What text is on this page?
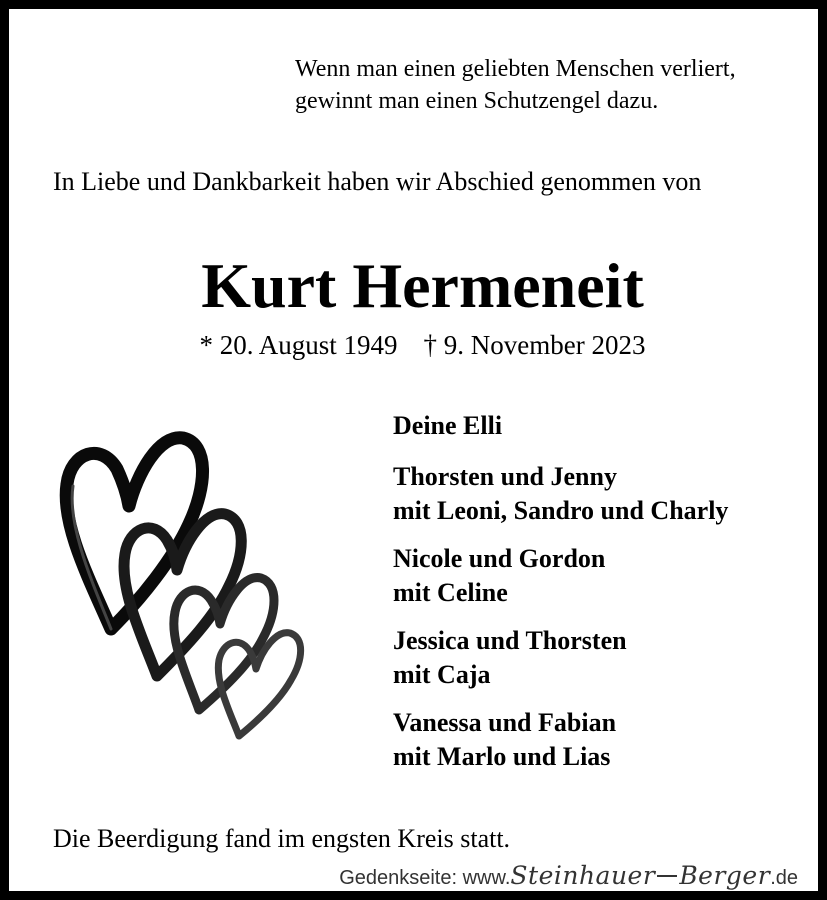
Wenn man einen geliebten Menschen verliert,
gewinnt man einen Schutzengel dazu.
In Liebe und Dankbarkeit haben wir Abschied genommen von
Kurt Hermeneit
* 20. August 1949 † 9. November 2023
Deine Elli
Thorsten und Jenny
mit Leoni, Sandro und Charly
Nicole und Gordon
mit Celine
Jessica und Thorsten
mit Caja
Vanessa und Fabian
mit Marlo und Lias
Die Beerdigung fand im engsten Kreis statt.
Gedenkseite: www. Steinhauer Berger .de
